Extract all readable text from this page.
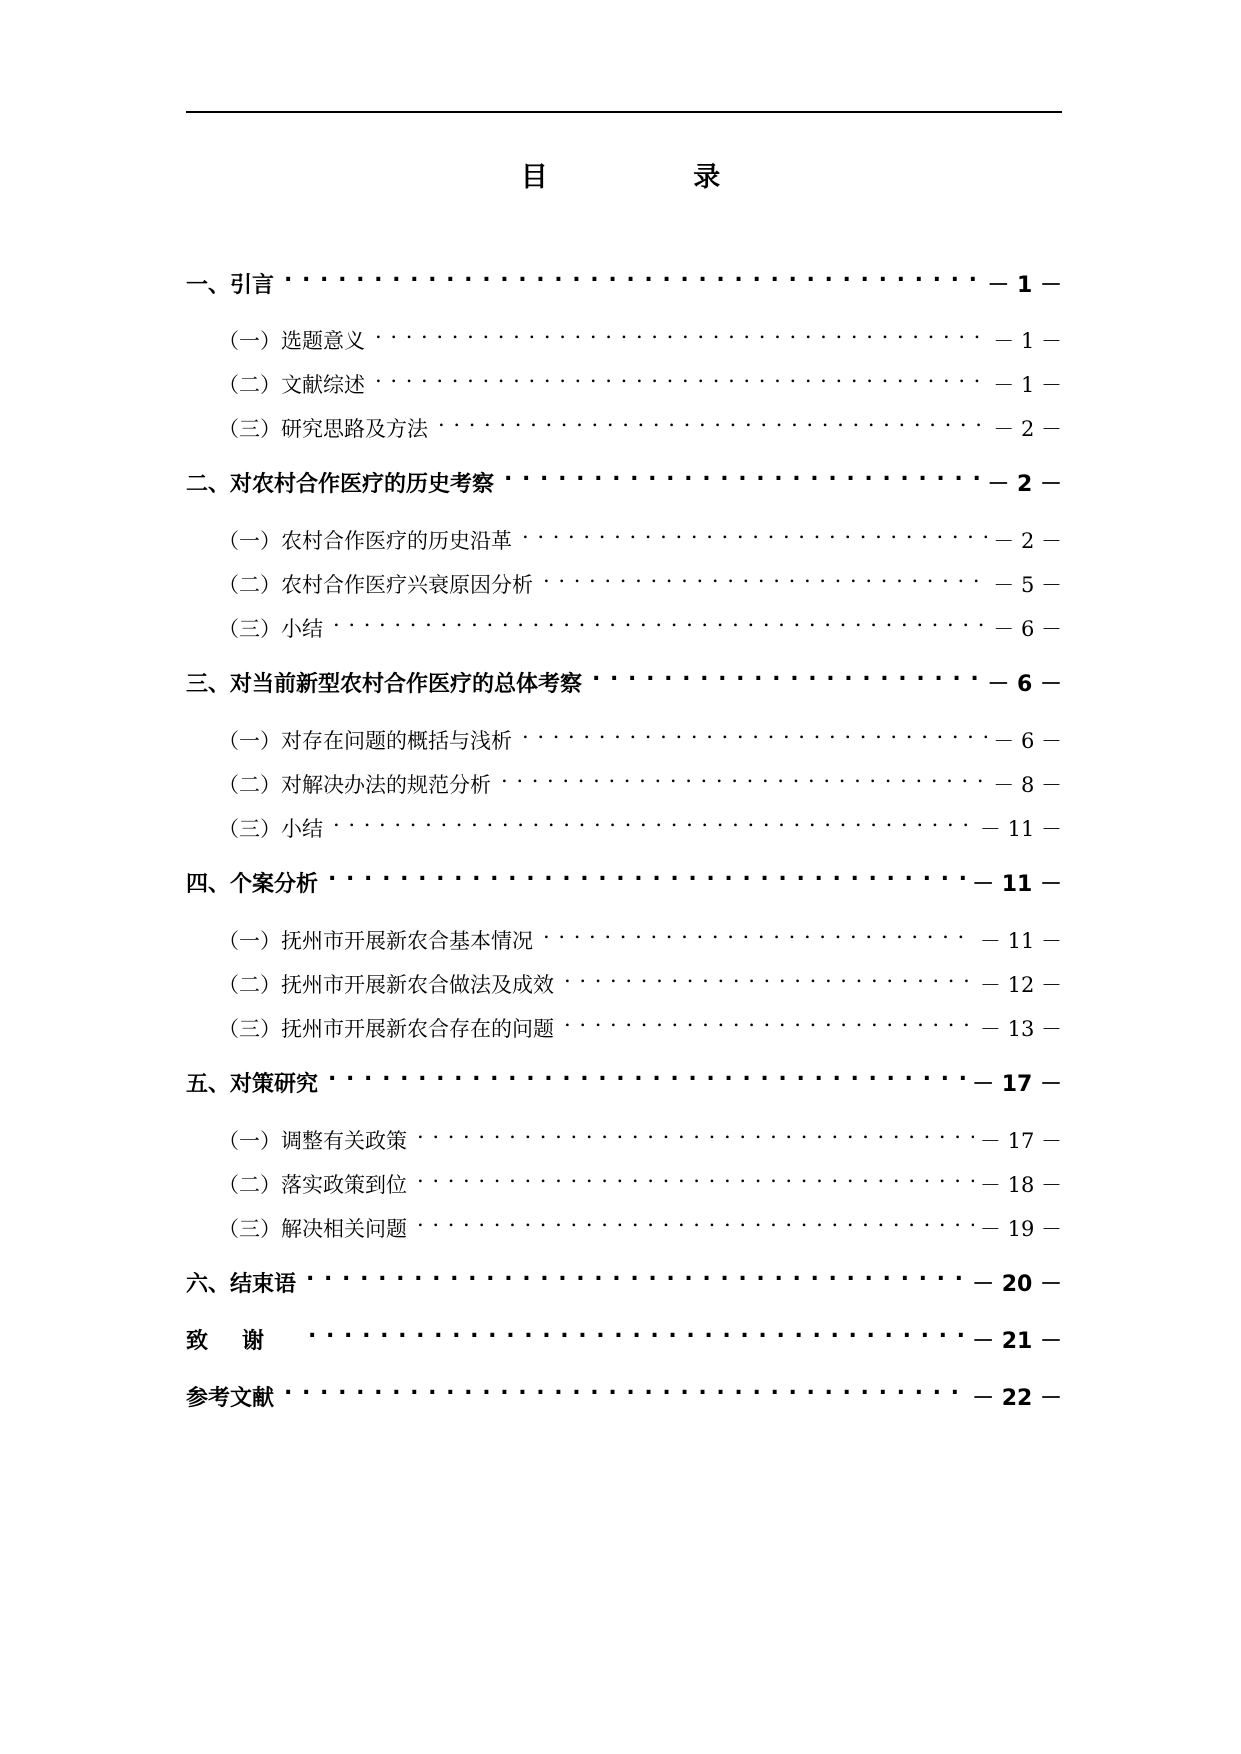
目 录
一、引言 . . .	－ 1 －
（一）选题意义 . . .	－ 1 －
（二）文献综述 . . .	－ 1 －
（三）研究思路及方法 . . .	－ 2 －
二、对农村合作医疗的历史考察 . . .	－ 2 －
（一）农村合作医疗的历史沿革 . . .	－ 2 －
（二）农村合作医疗兴衰原因分析 . . .	－ 5 －
（三）小结 . . .	－ 6 －
三、对当前新型农村合作医疗的总体考察 . . .	－ 6 －
（一）对存在问题的概括与浅析 . . .	－ 6 －
（二）对解决办法的规范分析 . . .	－ 8 －
（三）小结 . . .	－ 11 －
四、个案分析 . . .	－ 11 －
（一）抚州市开展新农合基本情况 . . .	－ 11 －
（二）抚州市开展新农合做法及成效 . . .	－ 12 －
（三）抚州市开展新农合存在的问题 . . .	－ 13 －
五、对策研究 . . .	－ 17 －
（一）调整有关政策 . . .	－ 17 －
（二）落实政策到位 . . .	－ 18 －
（三）解决相关问题 . . .	－ 19 －
六、结束语 . . .	－ 20 －
致谢 . . .	－ 21 －
参考文献 . . .	－ 22 －
